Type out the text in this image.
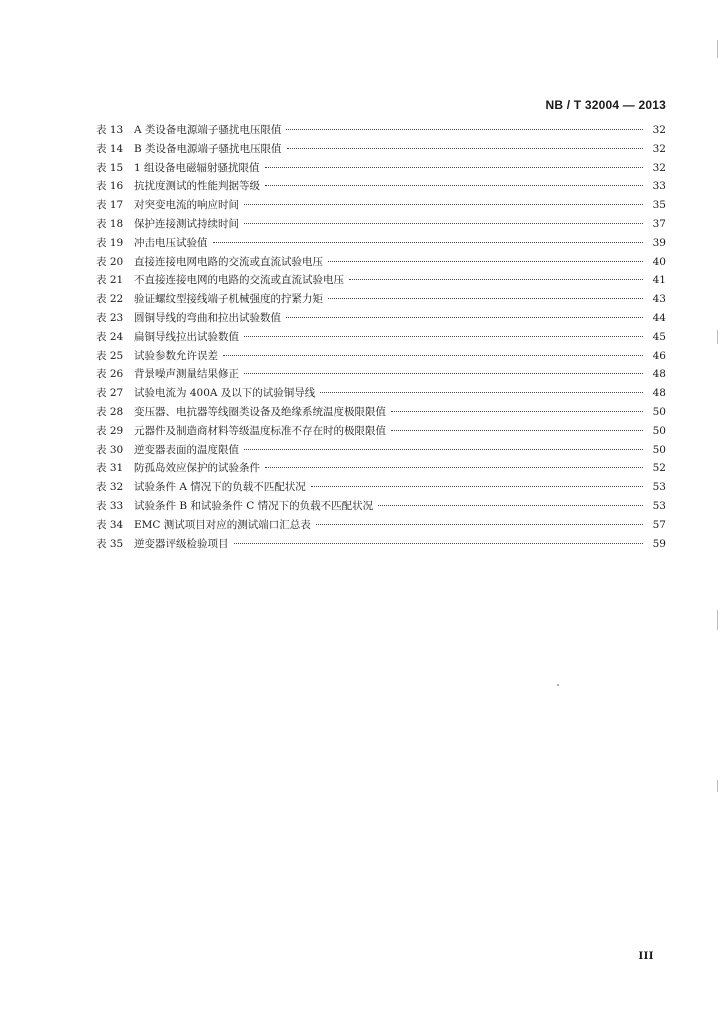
NB / T 32004 — 2013
表 13	A 类设备电源端子骚扰电压限值	32
表 14	B 类设备电源端子骚扰电压限值	32
表 15	1 组设备电磁辐射骚扰限值	32
表 16	抗扰度测试的性能判据等级	33
表 17	对突变电流的响应时间	35
表 18	保护连接测试持续时间	37
表 19	冲击电压试验值	39
表 20	直接连接电网电路的交流或直流试验电压	40
表 21	不直接连接电网的电路的交流或直流试验电压	41
表 22	验证螺纹型接线端子机械强度的拧紧力矩	43
表 23	圆铜导线的弯曲和拉出试验数值	44
表 24	扁铜导线拉出试验数值	45
表 25	试验参数允许误差	46
表 26	背景噪声测量结果修正	48
表 27	试验电流为 400A 及以下的试验铜导线	48
表 28	变压器、电抗器等线圈类设备及绝缘系统温度极限限值	50
表 29	元器件及制造商材料等级温度标准不存在时的极限限值	50
表 30	逆变器表面的温度限值	50
表 31	防孤岛效应保护的试验条件	52
表 32	试验条件 A 情况下的负载不匹配状况	53
表 33	试验条件 B 和试验条件 C 情况下的负载不匹配状况	53
表 34	EMC 测试项目对应的测试端口汇总表	57
表 35	逆变器评级检验项目	59
III
